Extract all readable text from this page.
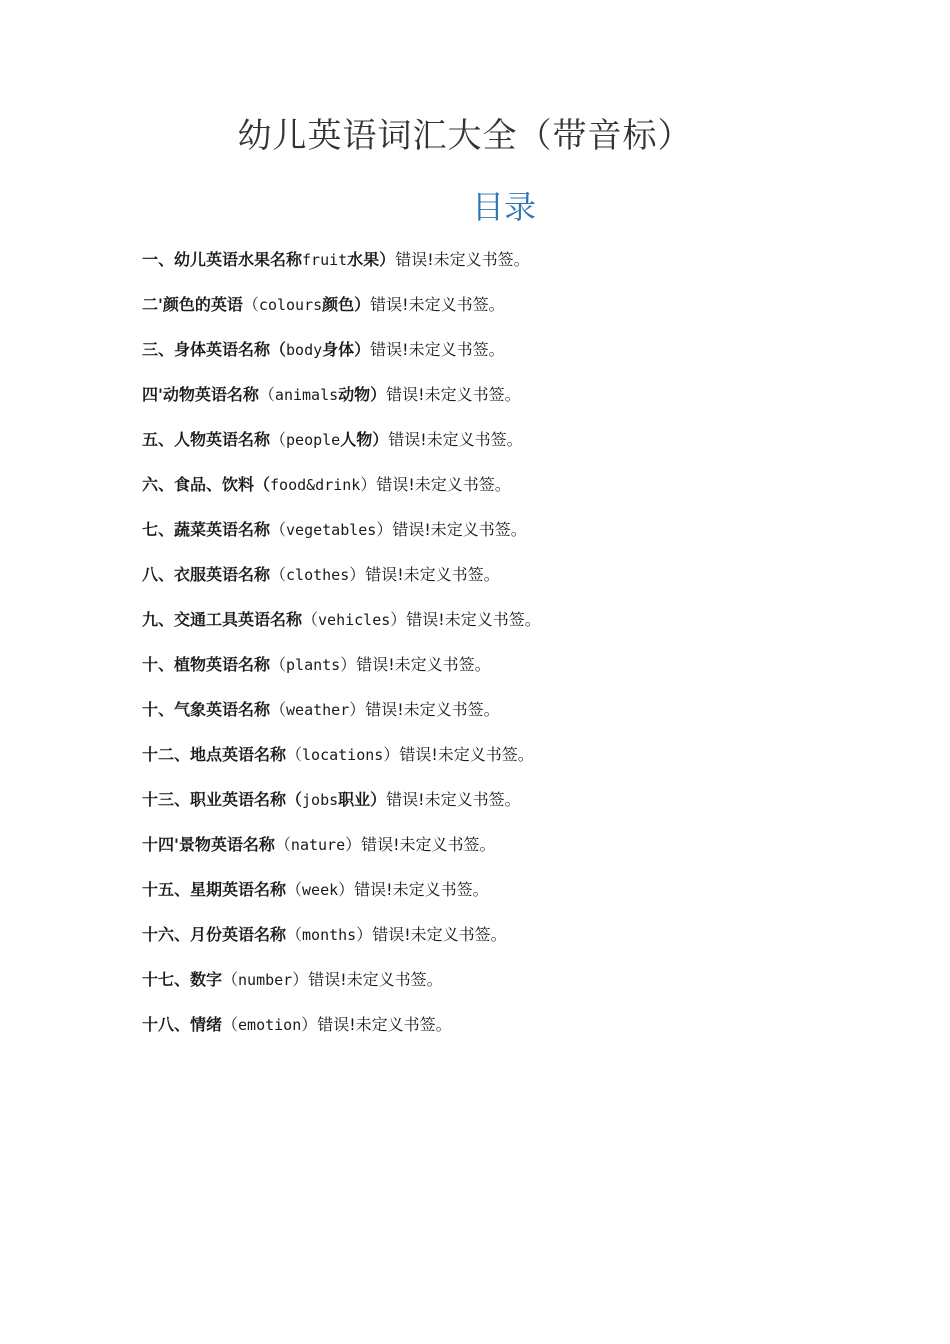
幼儿英语词汇大全（带音标）
目录
一、幼儿英语水果名称fruit水果）错误!未定义书签。
二'颜色的英语（colours颜色）错误!未定义书签。
三、身体英语名称（body身体）错误!未定义书签。
四'动物英语名称（animals动物）错误!未定义书签。
五、人物英语名称（people人物）错误!未定义书签。
六、食品、饮料（food&drink）错误!未定义书签。
七、蔬菜英语名称（vegetables）错误!未定义书签。
八、衣服英语名称（clothes）错误!未定义书签。
九、交通工具英语名称（vehicles）错误!未定义书签。
十、植物英语名称（plants）错误!未定义书签。
十、气象英语名称（weather）错误!未定义书签。
十二、地点英语名称（locations）错误!未定义书签。
十三、职业英语名称（jobs职业）错误!未定义书签。
十四'景物英语名称（nature）错误!未定义书签。
十五、星期英语名称（week）错误!未定义书签。
十六、月份英语名称（months）错误!未定义书签。
十七、数字（number）错误!未定义书签。
十八、情绪（emotion）错误!未定义书签。
